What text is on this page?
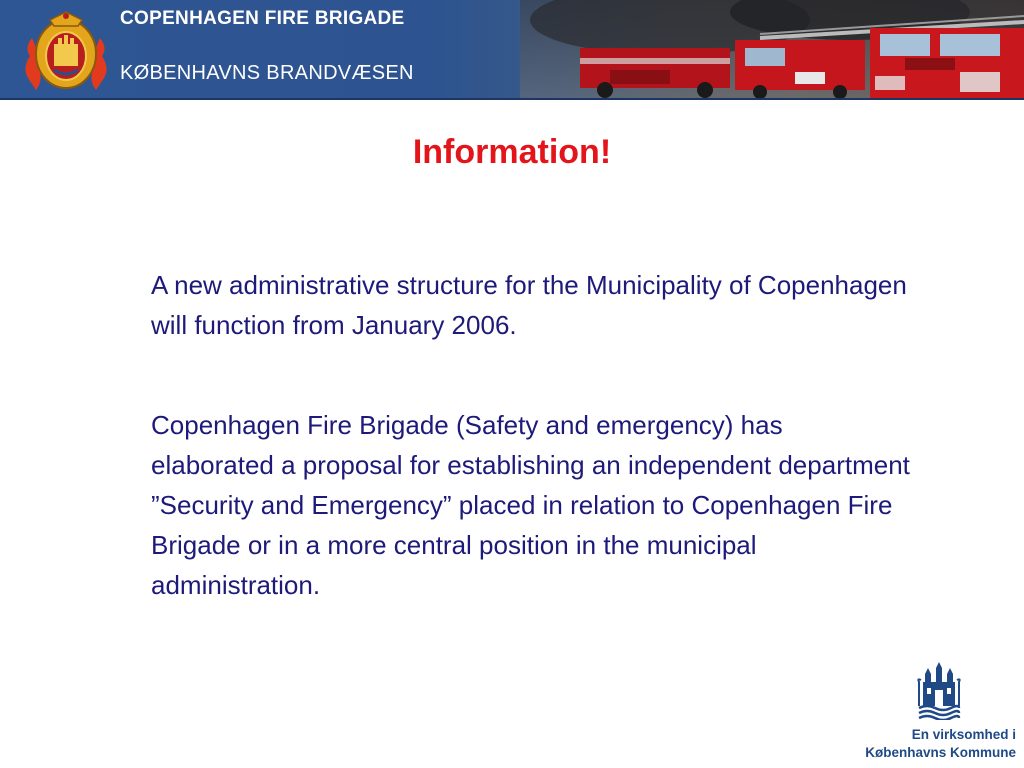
COPENHAGEN FIRE BRIGADE
KØBENHAVNS BRANDVÆSEN
Information!
A new administrative structure for the Municipality of Copenhagen will function from January 2006.
Copenhagen Fire Brigade (Safety and emergency) has elaborated a proposal for establishing an independent department ”Security and Emergency” placed in relation to Copenhagen Fire Brigade or in a more central position in the municipal administration.
En virksomhed i
Københavns Kommune
